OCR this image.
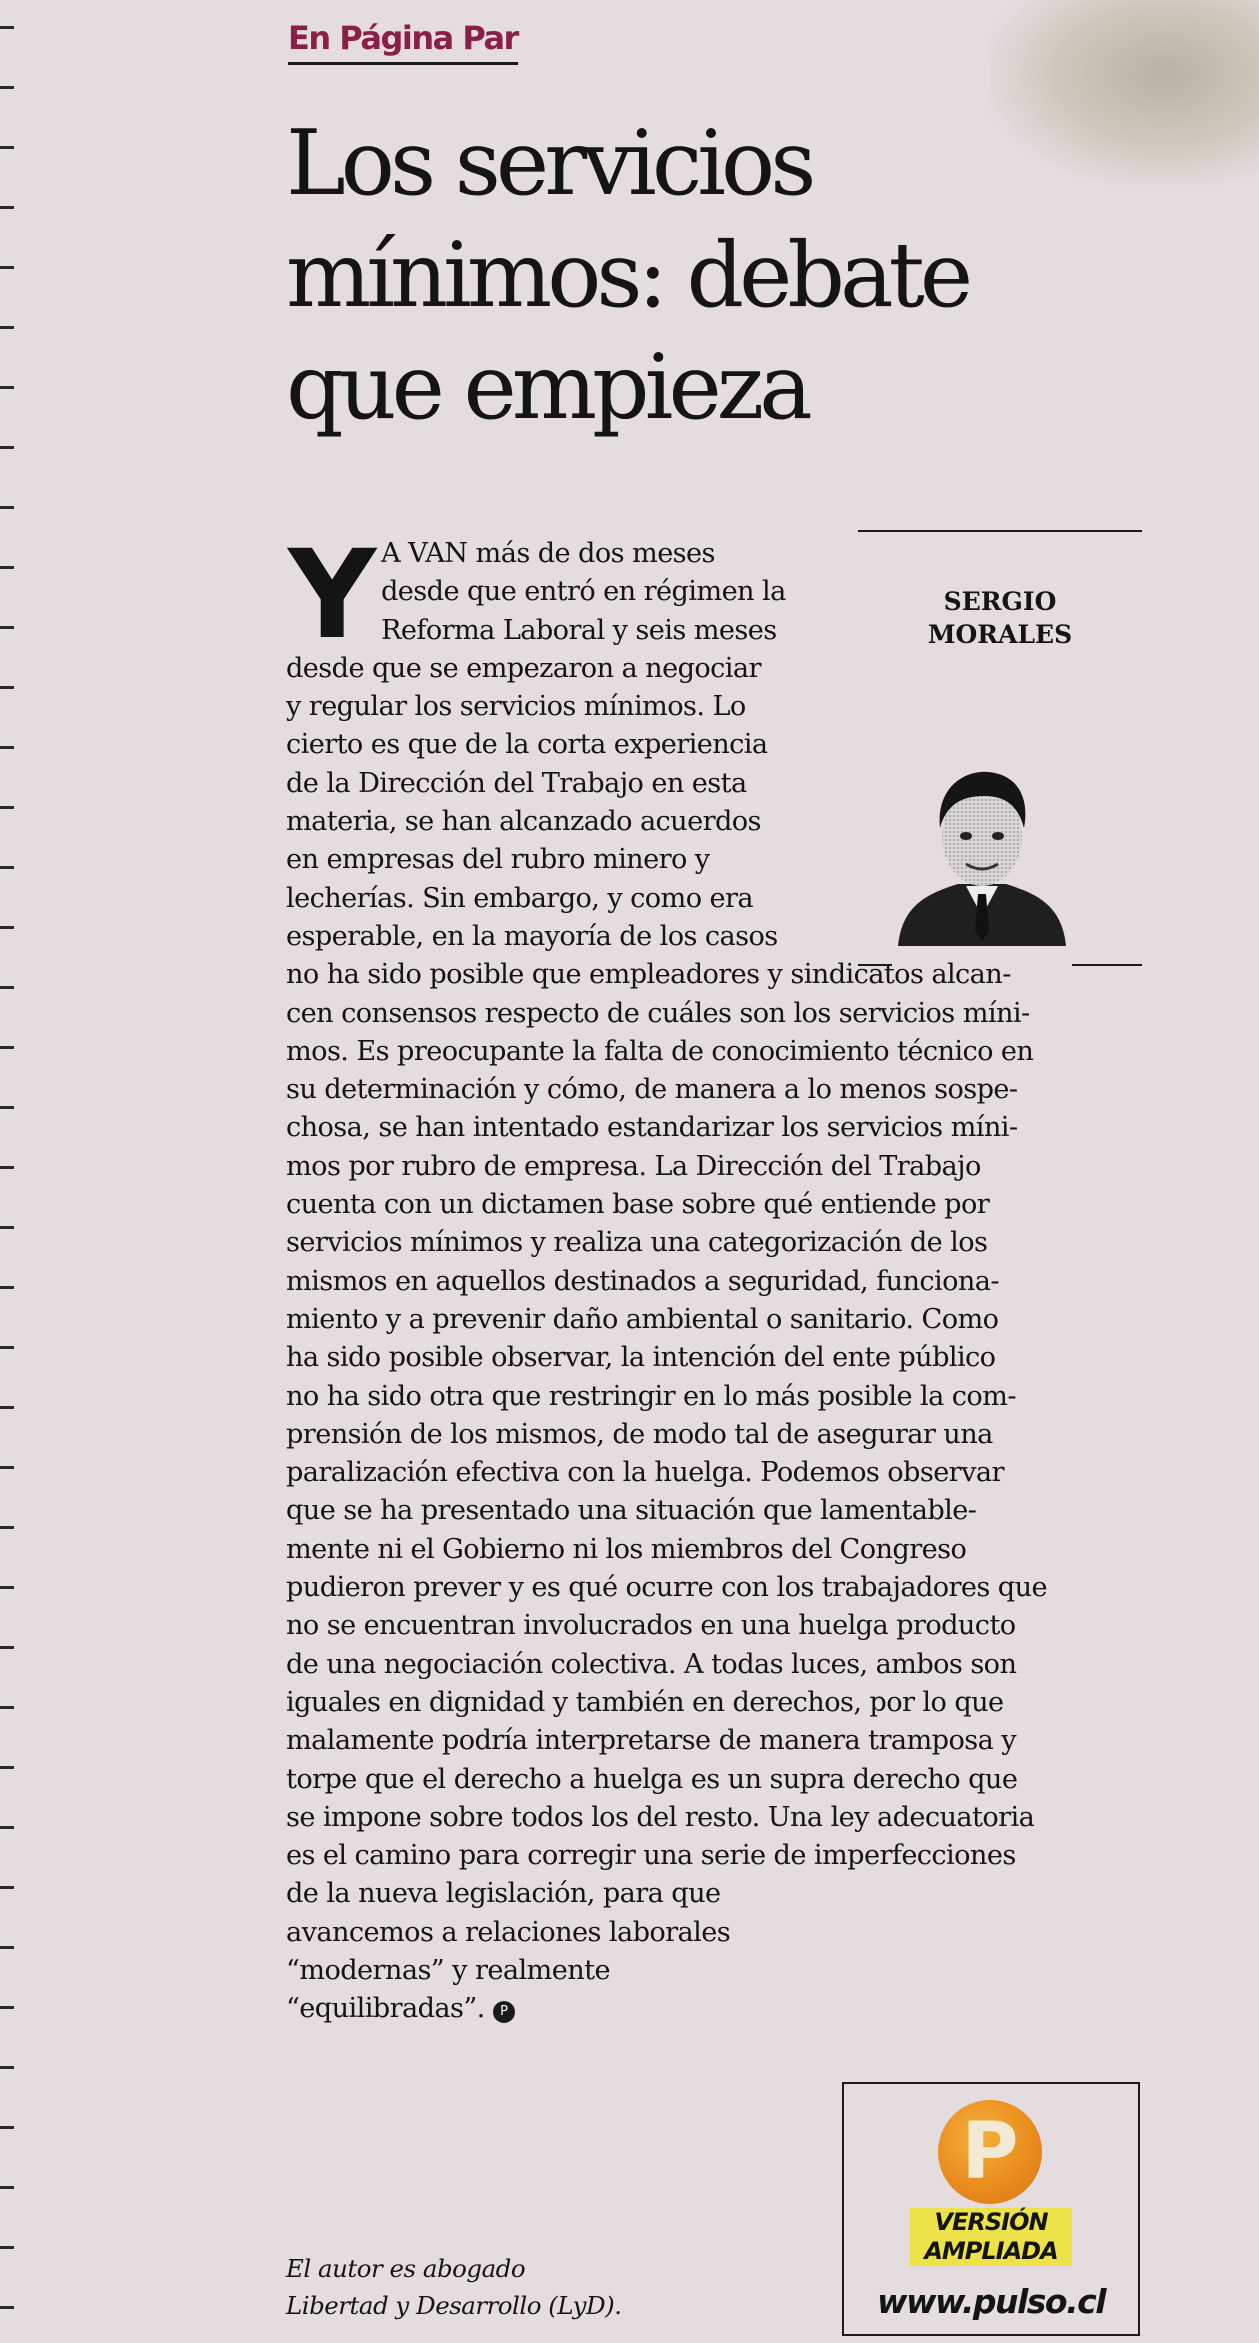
En Página Par
Los servicios
mínimos: debate
que empieza
SERGIO
MORALES
Y A VAN más de dos meses
desde que entró en régimen la
Reforma Laboral y seis meses
desde que se empezaron a negociar
y regular los servicios mínimos. Lo
cierto es que de la corta experiencia
de la Dirección del Trabajo en esta
materia, se han alcanzado acuerdos
en empresas del rubro minero y
lecherías. Sin embargo, y como era
esperable, en la mayoría de los casos
no ha sido posible que empleadores y sindicatos alcan-
cen consensos respecto de cuáles son los servicios míni-
mos. Es preocupante la falta de conocimiento técnico en
su determinación y cómo, de manera a lo menos sospe-
chosa, se han intentado estandarizar los servicios míni-
mos por rubro de empresa. La Dirección del Trabajo
cuenta con un dictamen base sobre qué entiende por
servicios mínimos y realiza una categorización de los
mismos en aquellos destinados a seguridad, funciona-
miento y a prevenir daño ambiental o sanitario. Como
ha sido posible observar, la intención del ente público
no ha sido otra que restringir en lo más posible la com-
prensión de los mismos, de modo tal de asegurar una
paralización efectiva con la huelga. Podemos observar
que se ha presentado una situación que lamentable-
mente ni el Gobierno ni los miembros del Congreso
pudieron prever y es qué ocurre con los trabajadores que
no se encuentran involucrados en una huelga producto
de una negociación colectiva. A todas luces, ambos son
iguales en dignidad y también en derechos, por lo que
malamente podría interpretarse de manera tramposa y
torpe que el derecho a huelga es un supra derecho que
se impone sobre todos los del resto. Una ley adecuatoria
es el camino para corregir una serie de imperfecciones
de la nueva legislación, para que
avancemos a relaciones laborales
“modernas” y realmente
“equilibradas”. P
El autor es abogado
Libertad y Desarrollo (LyD).
P
VERSIÓN
AMPLIADA
www.pulso.cl
